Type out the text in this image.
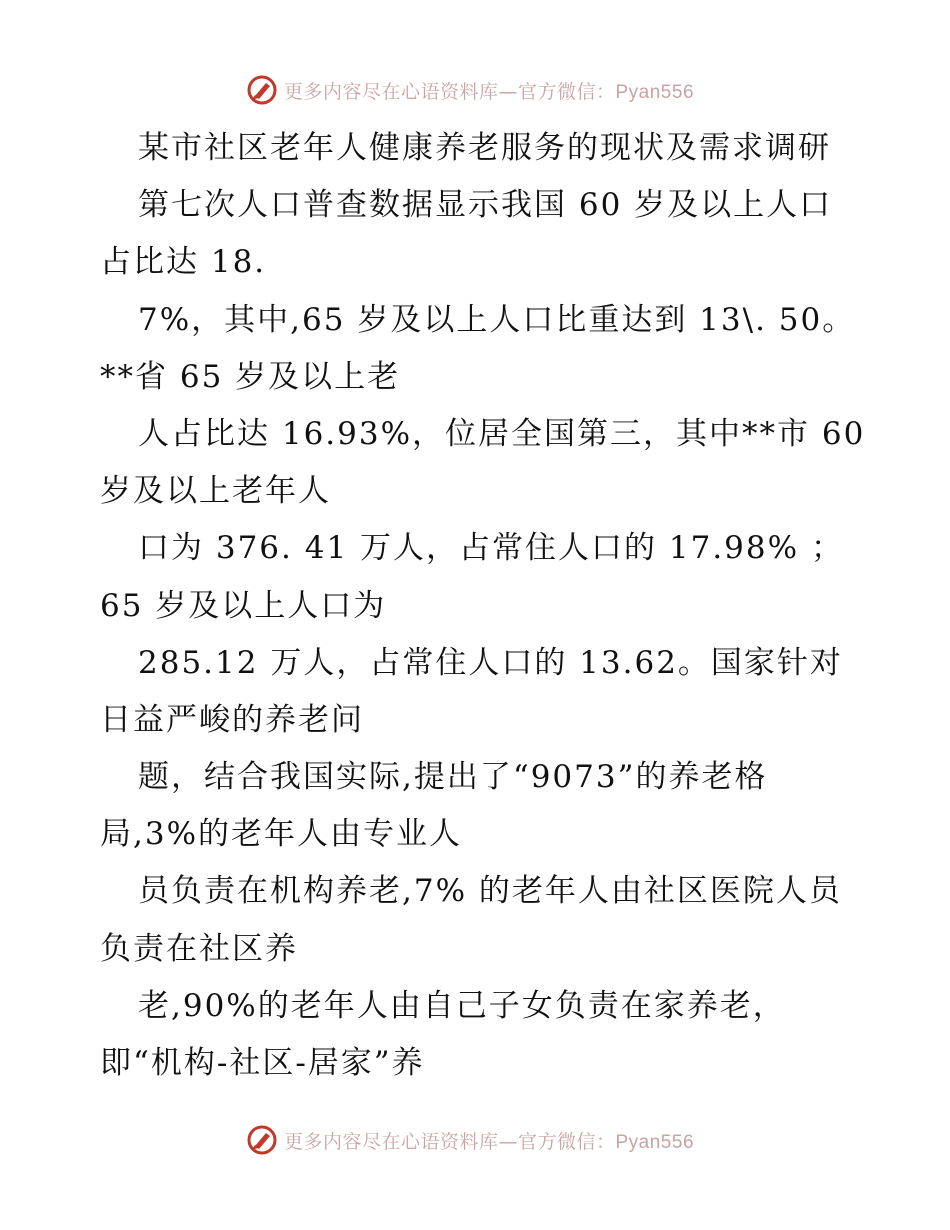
更多内容尽在心语资料库—官方微信：Pyan556
某市社区老年人健康养老服务的现状及需求调研
第七次人口普查数据显示我国 60 岁及以上人口
占比达 18.
7%，其中,65 岁及以上人口比重达到 13\. 50。
**省 65 岁及以上老
人占比达 16.93%，位居全国第三，其中**市 60
岁及以上老年人
口为 376. 41 万人，占常住人口的 17.98% ；
65 岁及以上人口为
285.12 万人，占常住人口的 13.62。国家针对
日益严峻的养老问
题，结合我国实际,提出了“9073”的养老格
局,3%的老年人由专业人
员负责在机构养老,7% 的老年人由社区医院人员
负责在社区养
老,90%的老年人由自己子女负责在家养老，
即“机构-社区-居家”养
更多内容尽在心语资料库—官方微信：Pyan556
